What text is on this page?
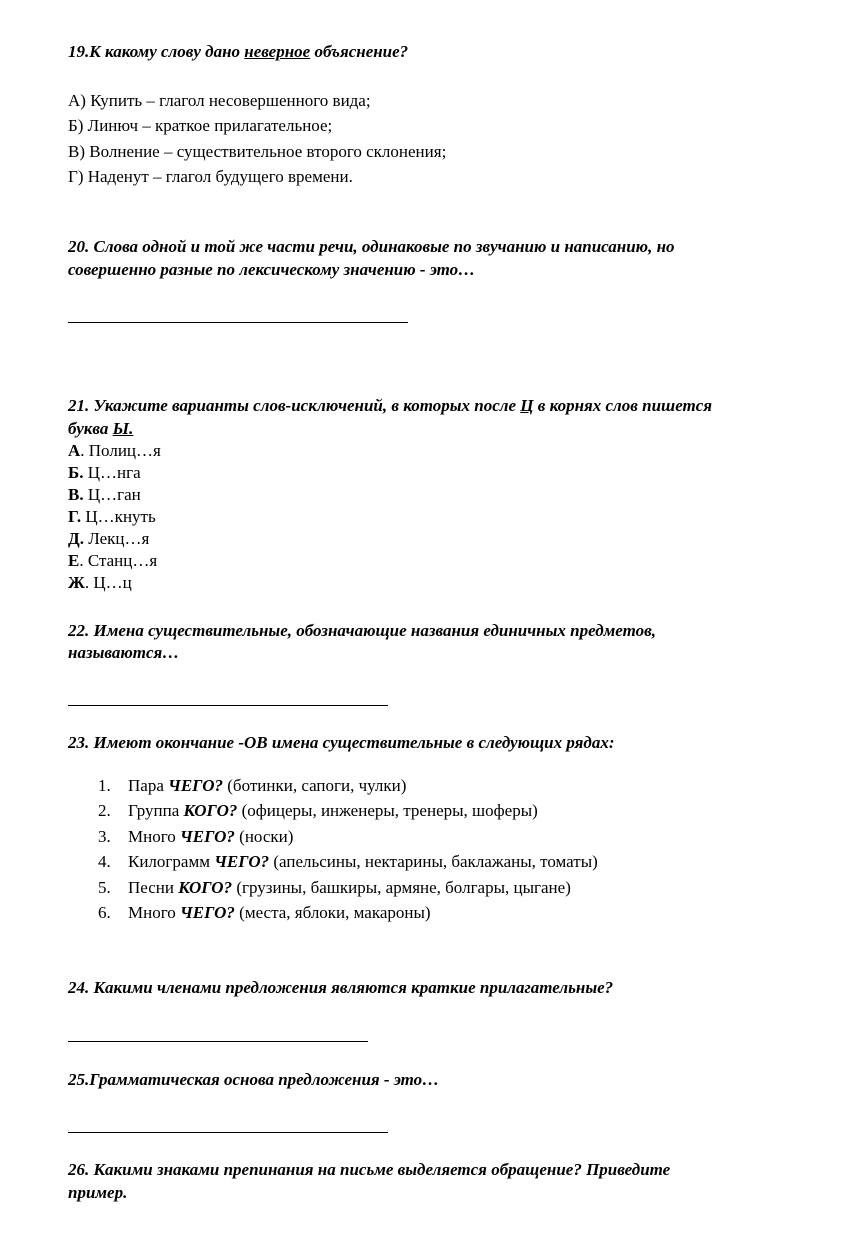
19.К какому слову дано неверное объяснение?
А) Купить – глагол несовершенного вида;
Б) Линюч – краткое прилагательное;
В) Волнение – существительное второго склонения;
Г) Наденут – глагол будущего времени.
20. Слова одной и той же части речи, одинаковые по звучанию и написанию, но
совершенно разные по лексическому значению - это…
21. Укажите варианты слов-исключений, в которых после Ц в корнях слов пишется
буква Ы.
А. Полиц…я
Б. Ц…нга
В. Ц…ган
Г. Ц…кнуть
Д. Лекц…я
Е. Станц…я
Ж. Ц…ц
22. Имена существительные, обозначающие названия единичных предметов,
называются…
23. Имеют окончание -ОВ имена существительные в следующих рядах:
1. Пара ЧЕГО? (ботинки, сапоги, чулки)
2. Группа КОГО? (офицеры, инженеры, тренеры, шоферы)
3. Много ЧЕГО? (носки)
4. Килограмм ЧЕГО? (апельсины, нектарины, баклажаны, томаты)
5. Песни КОГО? (грузины, башкиры, армяне, болгары, цыгане)
6. Много ЧЕГО? (места, яблоки, макароны)
24. Какими членами предложения являются краткие прилагательные?
25.Грамматическая основа предложения - это…
26. Какими знаками препинания на письме выделяется обращение? Приведите
пример.
